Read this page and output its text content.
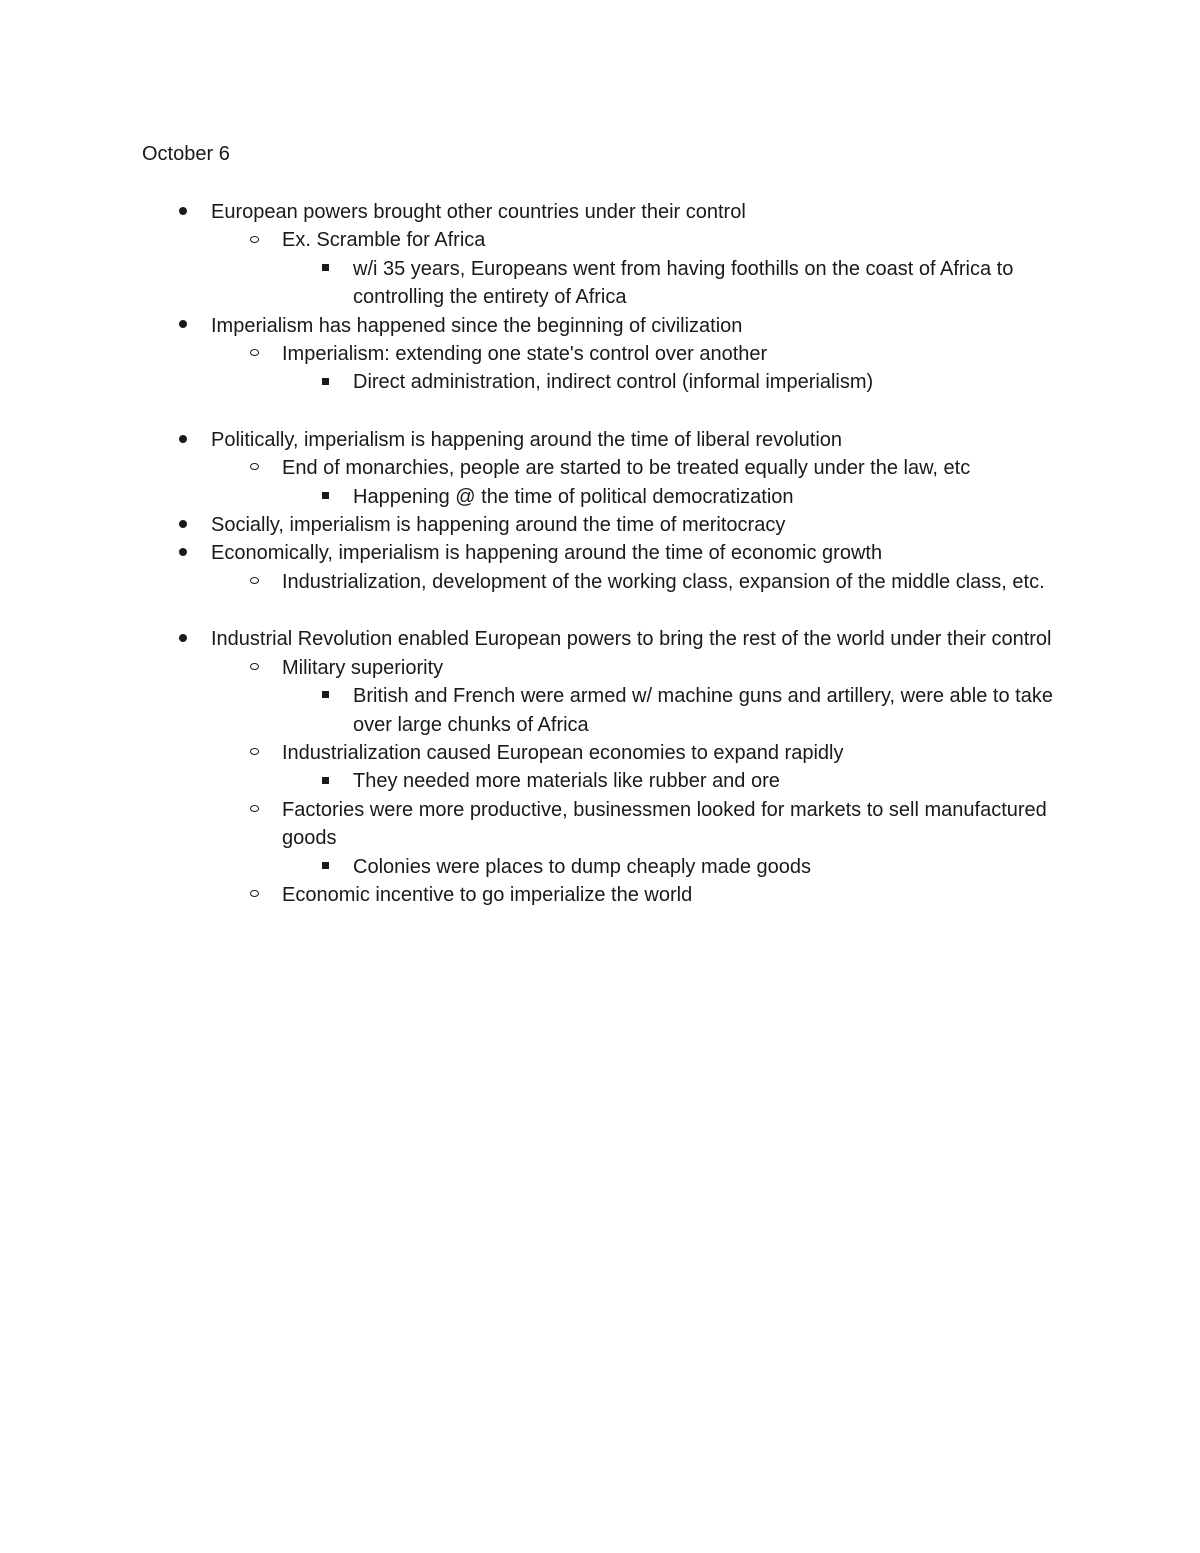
October 6
European powers brought other countries under their control
Ex. Scramble for Africa
w/i 35 years, Europeans went from having foothills on the coast of Africa to controlling the entirety of Africa
Imperialism has happened since the beginning of civilization
Imperialism: extending one state's control over another
Direct administration, indirect control (informal imperialism)
Politically, imperialism is happening around the time of liberal revolution
End of monarchies, people are started to be treated equally under the law, etc
Happening @ the time of political democratization
Socially, imperialism is happening around the time of meritocracy
Economically, imperialism is happening around the time of economic growth
Industrialization, development of the working class, expansion of the middle class, etc.
Industrial Revolution enabled European powers to bring the rest of the world under their control
Military superiority
British and French were armed w/ machine guns and artillery, were able to take over large chunks of Africa
Industrialization caused European economies to expand rapidly
They needed more materials like rubber and ore
Factories were more productive, businessmen looked for markets to sell manufactured goods
Colonies were places to dump cheaply made goods
Economic incentive to go imperialize the world
